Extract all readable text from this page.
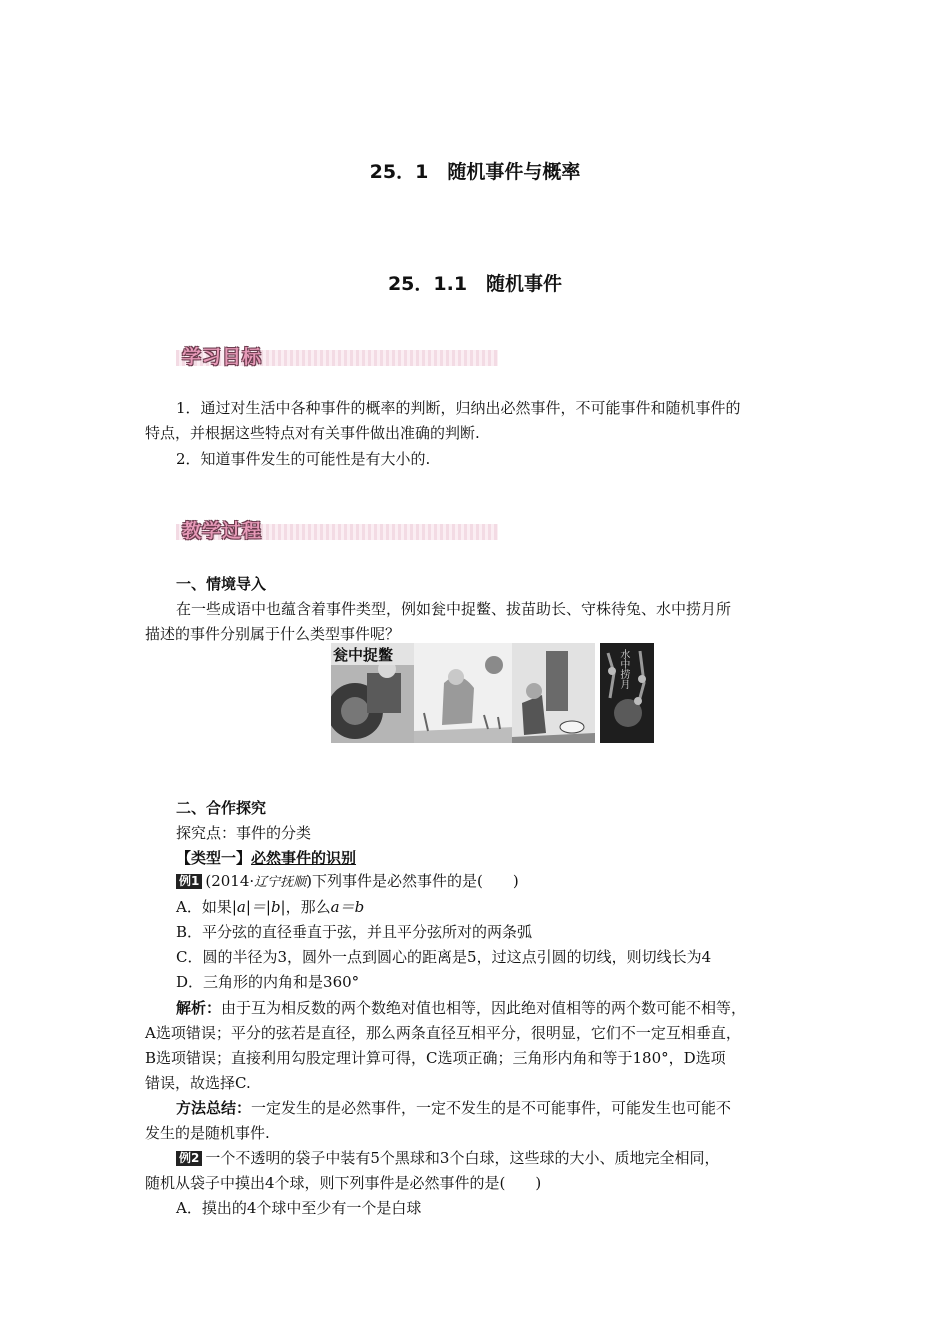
25．1　随机事件与概率
25．1.1　随机事件
学习目标
1．通过对生活中各种事件的概率的判断，归纳出必然事件，不可能事件和随机事件的
特点，并根据这些特点对有关事件做出准确的判断.
2．知道事件发生的可能性是有大小的.
教学过程
一、情境导入
在一些成语中也蕴含着事件类型，例如瓮中捉鳖、拔苗助长、守株待兔、水中捞月所
描述的事件分别属于什么类型事件呢？
瓮中捉鳖	水中捞月
二、合作探究
探究点：事件的分类
【类型一】必然事件的识别
例1 (2014·辽宁抚顺)下列事件是必然事件的是(　　)
A．如果|a|＝|b|，那么a＝b
B．平分弦的直径垂直于弦，并且平分弦所对的两条弧
C．圆的半径为3，圆外一点到圆心的距离是5，过这点引圆的切线，则切线长为4
D．三角形的内角和是360°
解析：由于互为相反数的两个数绝对值也相等，因此绝对值相等的两个数可能不相等，
A选项错误；平分的弦若是直径，那么两条直径互相平分，很明显，它们不一定互相垂直，
B选项错误；直接利用勾股定理计算可得，C选项正确；三角形内角和等于180°，D选项
错误，故选择C.
方法总结：一定发生的是必然事件，一定不发生的是不可能事件，可能发生也可能不
发生的是随机事件.
例2 一个不透明的袋子中装有5个黑球和3个白球，这些球的大小、质地完全相同，
随机从袋子中摸出4个球，则下列事件是必然事件的是(　　)
A．摸出的4个球中至少有一个是白球
